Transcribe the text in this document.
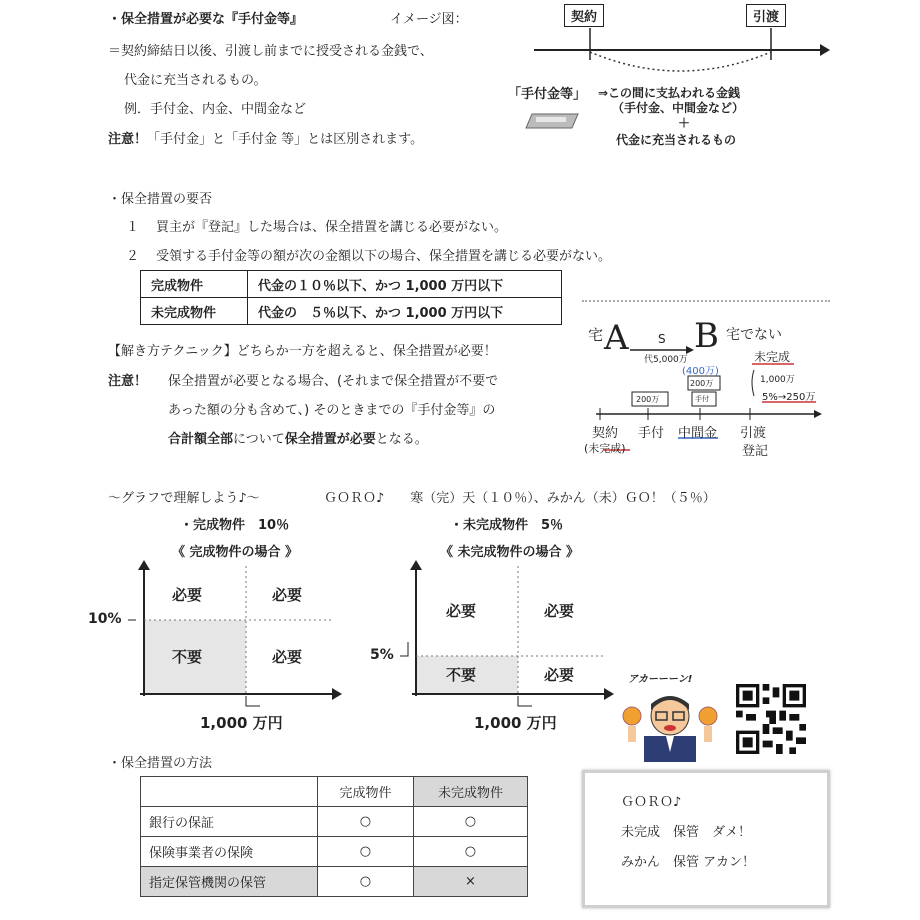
・保全措置が必要な『手付金等』	イメージ図：
＝契約締結日以後、引渡し前までに授受される金銭で、
代金に充当されるもの。
例．手付金、内金、中間金など
注意！「手付金」と「手付金 等」とは区別されます。
契約	引渡
「手付金等」 ⇒この間に支払われる金銭
（手付金、中間金など）
＋
代金に充当されるもの
・保全措置の要否
１ 買主が『登記』した場合は、保全措置を講じる必要がない。
２ 受領する手付金等の額が次の金額以下の場合、保全措置を講じる必要がない。
完成物件	代金の１０％以下、かつ 1,000 万円以下
未完成物件	代金の　５％以下、かつ 1,000 万円以下
【解き方テクニック】どちらか一方を超えると、保全措置が必要！
注意！ 保全措置が必要となる場合、(それまで保全措置が不要で
あった額の分も含めて、) そのときまでの『手付金等』の
合計額全部について保全措置が必要となる。
宅 A S
代5,000万
B 宅でない
(400万)
200万
200万
手付
未完成
1,000万
5%→250万
契約
(未完成)
手付 中間金 引渡
登記
〜グラフで理解しよう♪〜	ＧＯＲＯ♪　　寒（完）天（１０％）、みかん（未）ＧＯ！（５％）
・完成物件　10％
《 完成物件の場合 》
必要	必要
不要	必要
10%
1,000 万円
・未完成物件　5％
《 未完成物件の場合 》
必要	必要
不要	必要
5%
1,000 万円
アカーーーン!
・保全措置の方法
	完成物件	未完成物件
銀行の保証	○	○
保険事業者の保険	○	○
指定保管機関の保管	○	×
ＧＯＲＯ♪
未完成　保管　ダメ！
みかん　保管 アカン！
